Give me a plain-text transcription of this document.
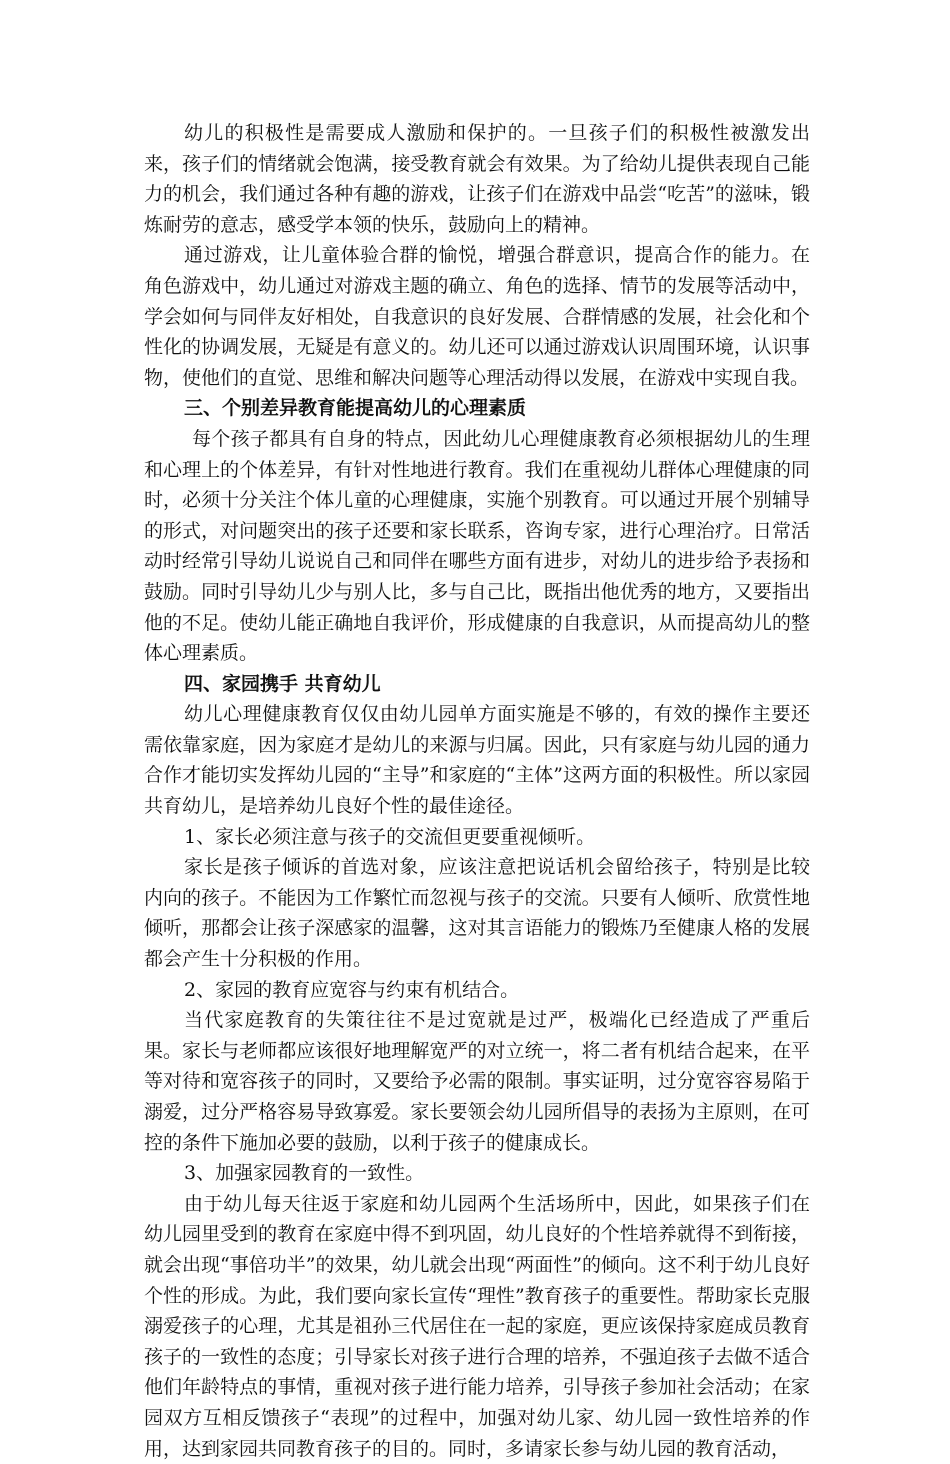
幼儿的积极性是需要成人激励和保护的。一旦孩子们的积极性被激发出来，孩子们的情绪就会饱满，接受教育就会有效果。为了给幼儿提供表现自己能力的机会，我们通过各种有趣的游戏，让孩子们在游戏中品尝“吃苦”的滋味，锻炼耐劳的意志，感受学本领的快乐，鼓励向上的精神。

通过游戏，让儿童体验合群的愉悦，增强合群意识，提高合作的能力。在角色游戏中，幼儿通过对游戏主题的确立、角色的选择、情节的发展等活动中，学会如何与同伴友好相处，自我意识的良好发展、合群情感的发展，社会化和个性化的协调发展，无疑是有意义的。幼儿还可以通过游戏认识周围环境，认识事物，使他们的直觉、思维和解决问题等心理活动得以发展，在游戏中实现自我。

三、个别差异教育能提高幼儿的心理素质

每个孩子都具有自身的特点，因此幼儿心理健康教育必须根据幼儿的生理和心理上的个体差异，有针对性地进行教育。我们在重视幼儿群体心理健康的同时，必须十分关注个体儿童的心理健康，实施个别教育。可以通过开展个别辅导的形式，对问题突出的孩子还要和家长联系，咨询专家，进行心理治疗。日常活动时经常引导幼儿说说自己和同伴在哪些方面有进步，对幼儿的进步给予表扬和鼓励。同时引导幼儿少与别人比，多与自己比，既指出他优秀的地方，又要指出他的不足。使幼儿能正确地自我评价，形成健康的自我意识，从而提高幼儿的整体心理素质。

四、家园携手 共育幼儿

幼儿心理健康教育仅仅由幼儿园单方面实施是不够的，有效的操作主要还需依靠家庭，因为家庭才是幼儿的来源与归属。因此，只有家庭与幼儿园的通力合作才能切实发挥幼儿园的“主导”和家庭的“主体”这两方面的积极性。所以家园共育幼儿，是培养幼儿良好个性的最佳途径。

1、家长必须注意与孩子的交流但更要重视倾听。

家长是孩子倾诉的首选对象，应该注意把说话机会留给孩子，特别是比较内向的孩子。不能因为工作繁忙而忽视与孩子的交流。只要有人倾听、欣赏性地倾听，那都会让孩子深感家的温馨，这对其言语能力的锻炼乃至健康人格的发展都会产生十分积极的作用。

2、家园的教育应宽容与约束有机结合。

当代家庭教育的失策往往不是过宽就是过严，极端化已经造成了严重后果。家长与老师都应该很好地理解宽严的对立统一，将二者有机结合起来，在平等对待和宽容孩子的同时，又要给予必需的限制。事实证明，过分宽容容易陷于溺爱，过分严格容易导致寡爱。家长要领会幼儿园所倡导的表扬为主原则，在可控的条件下施加必要的鼓励，以利于孩子的健康成长。

3、加强家园教育的一致性。

由于幼儿每天往返于家庭和幼儿园两个生活场所中，因此，如果孩子们在幼儿园里受到的教育在家庭中得不到巩固，幼儿良好的个性培养就得不到衔接，就会出现“事倍功半”的效果，幼儿就会出现“两面性”的倾向。这不利于幼儿良好个性的形成。为此，我们要向家长宣传“理性”教育孩子的重要性。帮助家长克服溺爱孩子的心理，尤其是祖孙三代居住在一起的家庭，更应该保持家庭成员教育孩子的一致性的态度；引导家长对孩子进行合理的培养，不强迫孩子去做不适合他们年龄特点的事情，重视对孩子进行能力培养，引导孩子参加社会活动；在家园双方互相反馈孩子“表现”的过程中，加强对幼儿家、幼儿园一致性培养的作用，达到家园共同教育孩子的目的。同时，多请家长参与幼儿园的教育活动，
